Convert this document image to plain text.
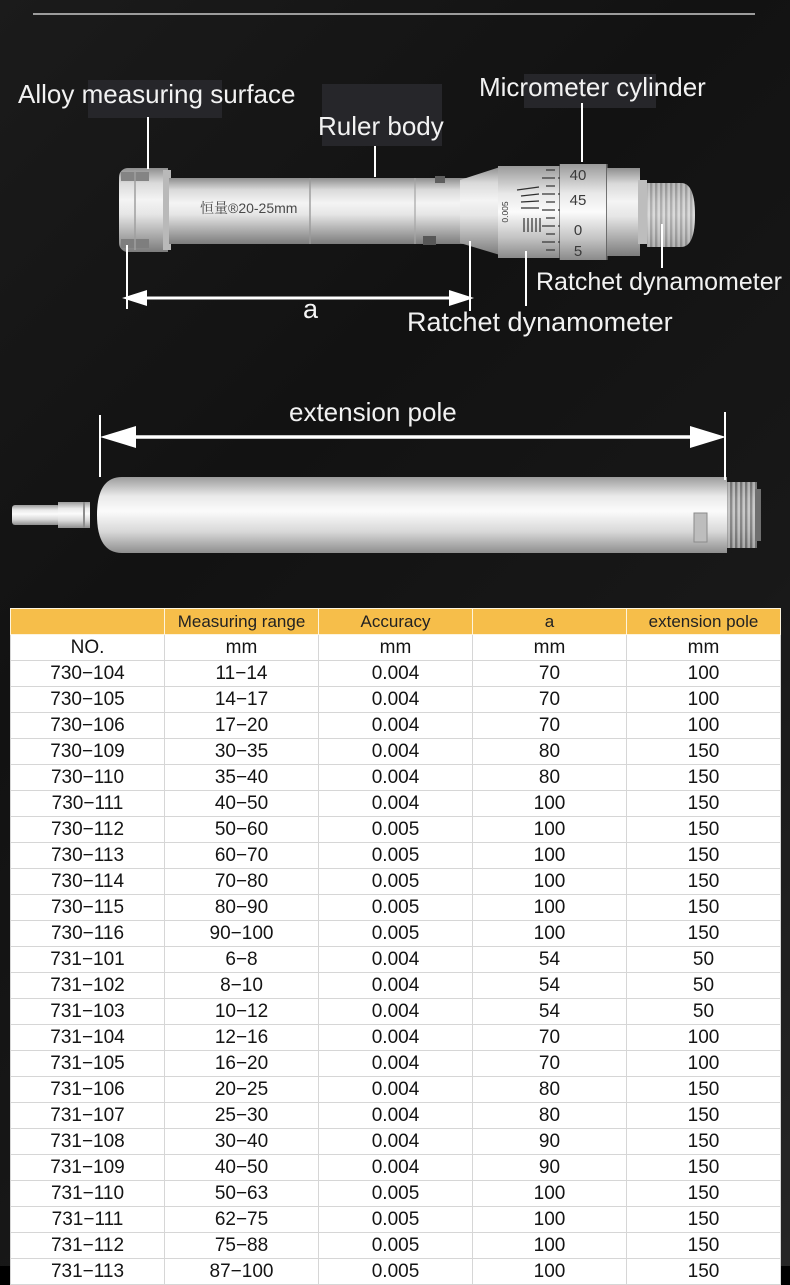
Alloy measuring surface
Ruler body
Micrometer cylinder
Ratchet dynamometer
Ratchet dynamometer
a
恒量®20-25mm	0.005
40
45
0
5
extension pole
	Measuring range	Accuracy	a	extension pole
NO.	mm	mm	mm	mm
730−104	11−14	0.004	70	100
730−105	14−17	0.004	70	100
730−106	17−20	0.004	70	100
730−109	30−35	0.004	80	150
730−110	35−40	0.004	80	150
730−111	40−50	0.004	100	150
730−112	50−60	0.005	100	150
730−113	60−70	0.005	100	150
730−114	70−80	0.005	100	150
730−115	80−90	0.005	100	150
730−116	90−100	0.005	100	150
731−101	6−8	0.004	54	50
731−102	8−10	0.004	54	50
731−103	10−12	0.004	54	50
731−104	12−16	0.004	70	100
731−105	16−20	0.004	70	100
731−106	20−25	0.004	80	150
731−107	25−30	0.004	80	150
731−108	30−40	0.004	90	150
731−109	40−50	0.004	90	150
731−110	50−63	0.005	100	150
731−111	62−75	0.005	100	150
731−112	75−88	0.005	100	150
731−113	87−100	0.005	100	150
